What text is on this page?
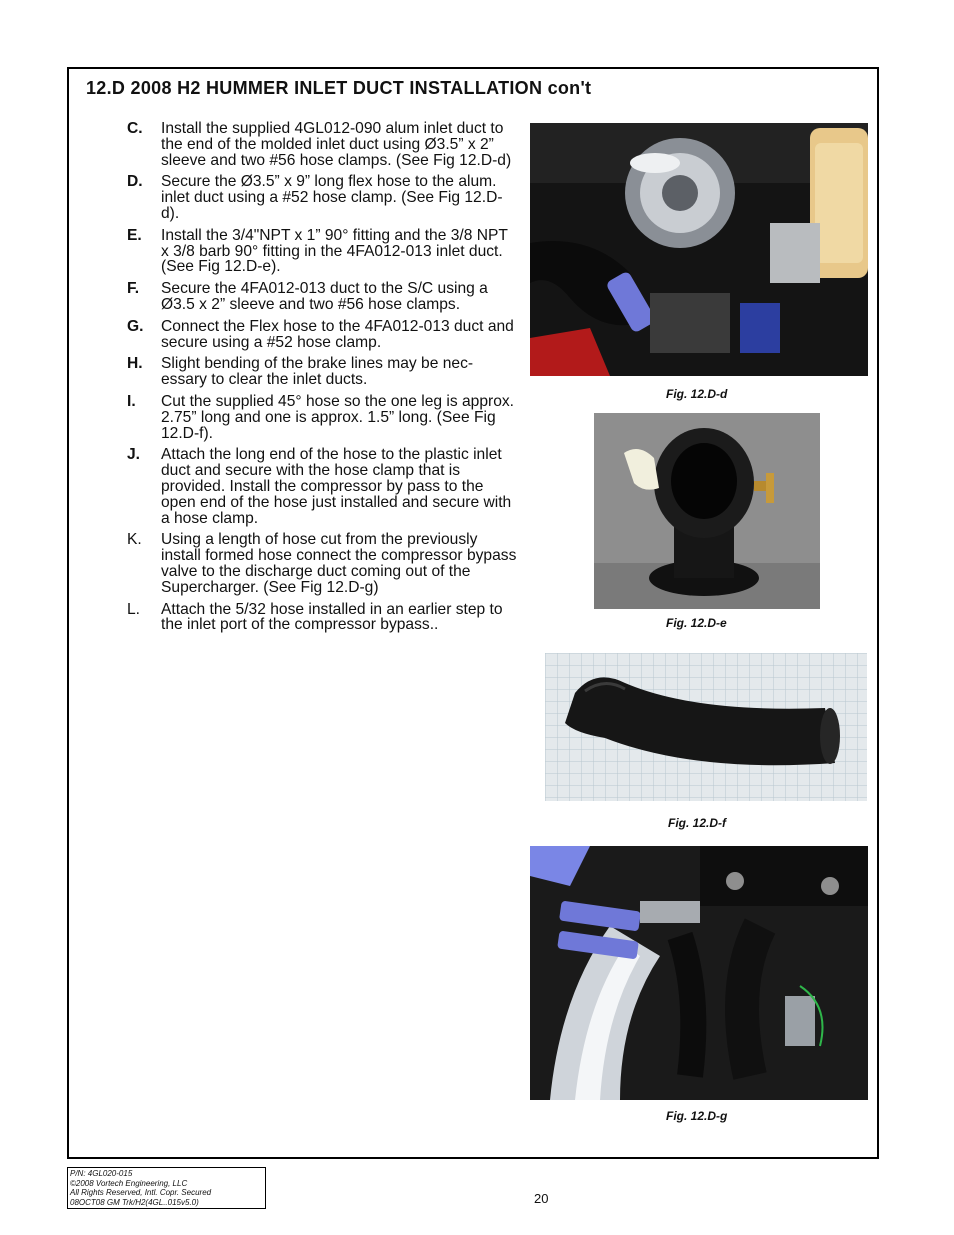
12.D 2008 H2 HUMMER INLET DUCT INSTALLATION con't
C.	Install the supplied 4GL012-090 alum inlet duct to the end of the molded inlet duct using Ø3.5” x 2” sleeve and two #56 hose clamps. (See Fig 12.D-d)
D.	Secure the Ø3.5” x 9” long flex hose to the alum. inlet duct using a #52 hose clamp. (See Fig 12.D-d).
E.	Install the 3/4"NPT x 1” 90° fitting and the 3/8 NPT x 3/8 barb 90° fitting in the 4FA012-013 inlet duct. (See Fig 12.D-e).
F.	Secure the 4FA012-013 duct to the S/C using a Ø3.5 x 2” sleeve and two #56 hose clamps.
G.	Connect the Flex hose to the 4FA012-013 duct and secure using a #52 hose clamp.
H.	Slight bending of the brake lines may be nec-essary to clear the inlet ducts.
I.	Cut the supplied 45° hose so the one leg is approx. 2.75” long and one is approx. 1.5” long. (See Fig 12.D-f).
J.	Attach the long end of the hose to the plastic inlet duct and secure with the hose clamp that is provided. Install the compressor by pass to the open end of the hose just installed and secure with a hose clamp.
K.	Using a length of hose cut from the previously install formed hose connect the compressor bypass valve to the discharge duct coming out of the Supercharger. (See Fig 12.D-g)
L.	Attach the 5/32 hose installed in an earlier step to the inlet port of the compressor bypass..
Fig. 12.D-d
Fig. 12.D-e
Fig. 12.D-f
Fig. 12.D-g
P/N: 4GL020-015
©2008 Vortech Engineering, LLC
All Rights Reserved, Intl. Copr. Secured
08OCT08 GM Trk/H2(4GL..015v5.0)	20
